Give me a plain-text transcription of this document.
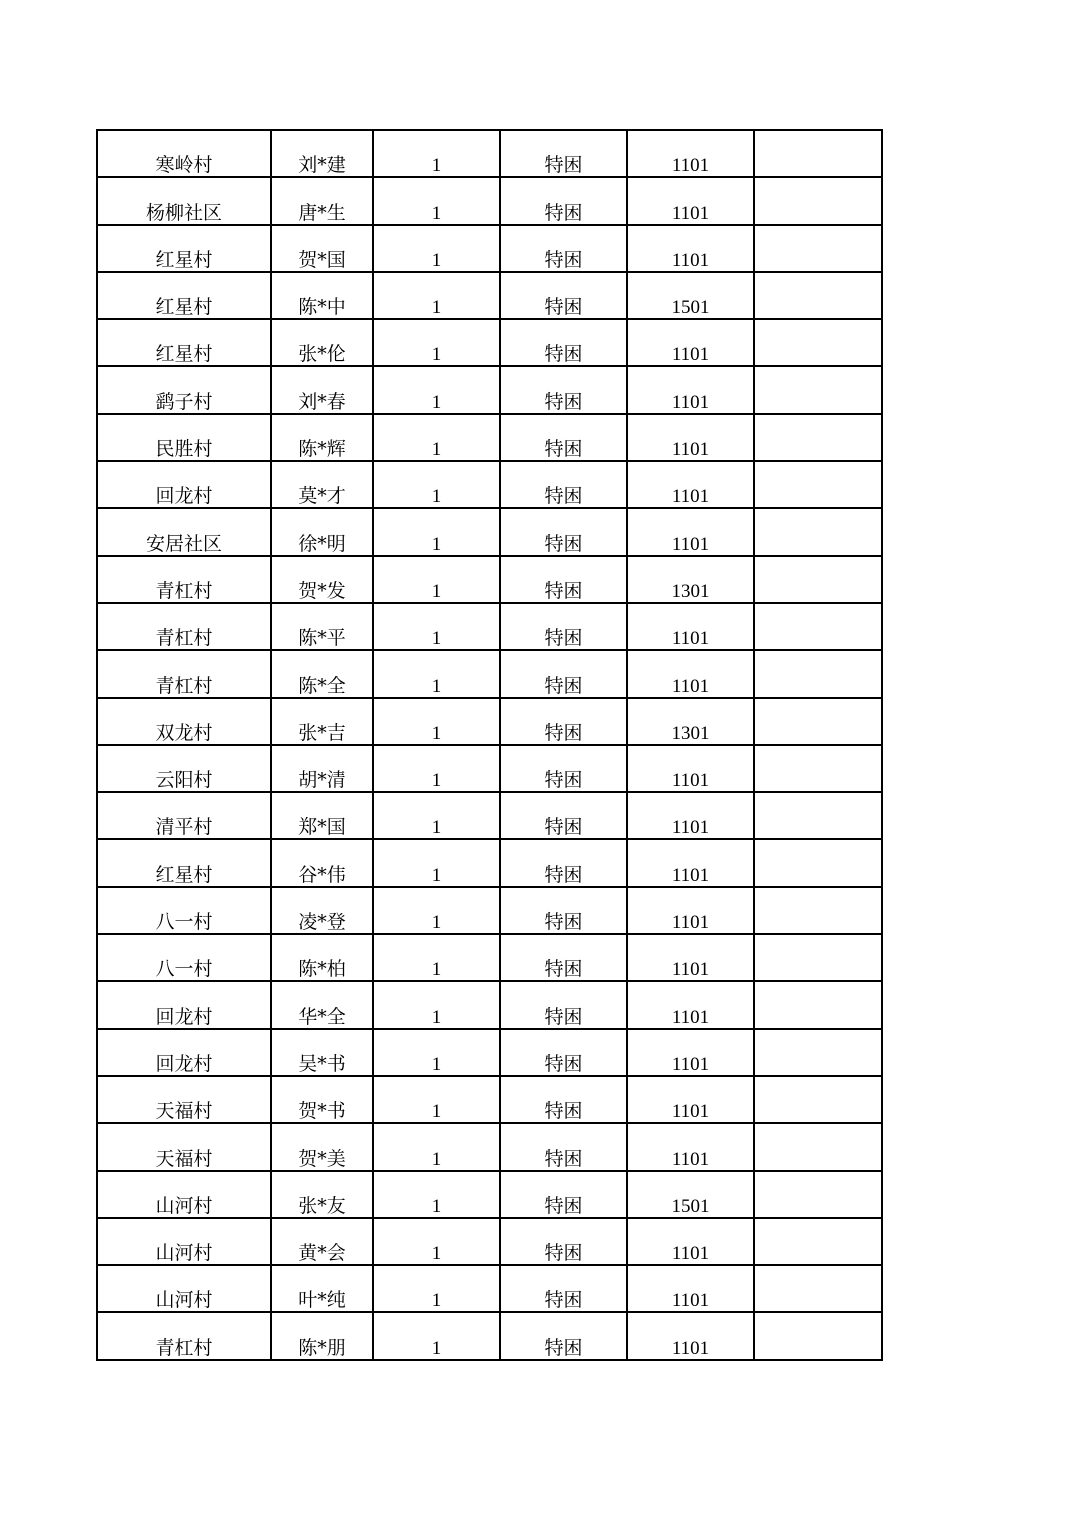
寒岭村	刘*建	1	特困	1101	
杨柳社区	唐*生	1	特困	1101	
红星村	贺*国	1	特困	1101	
红星村	陈*中	1	特困	1501	
红星村	张*伦	1	特困	1101	
鹞子村	刘*春	1	特困	1101	
民胜村	陈*辉	1	特困	1101	
回龙村	莫*才	1	特困	1101	
安居社区	徐*明	1	特困	1101	
青杠村	贺*发	1	特困	1301	
青杠村	陈*平	1	特困	1101	
青杠村	陈*全	1	特困	1101	
双龙村	张*吉	1	特困	1301	
云阳村	胡*清	1	特困	1101	
清平村	郑*国	1	特困	1101	
红星村	谷*伟	1	特困	1101	
八一村	凌*登	1	特困	1101	
八一村	陈*柏	1	特困	1101	
回龙村	华*全	1	特困	1101	
回龙村	吴*书	1	特困	1101	
天福村	贺*书	1	特困	1101	
天福村	贺*美	1	特困	1101	
山河村	张*友	1	特困	1501	
山河村	黄*会	1	特困	1101	
山河村	叶*纯	1	特困	1101	
青杠村	陈*朋	1	特困	1101	
